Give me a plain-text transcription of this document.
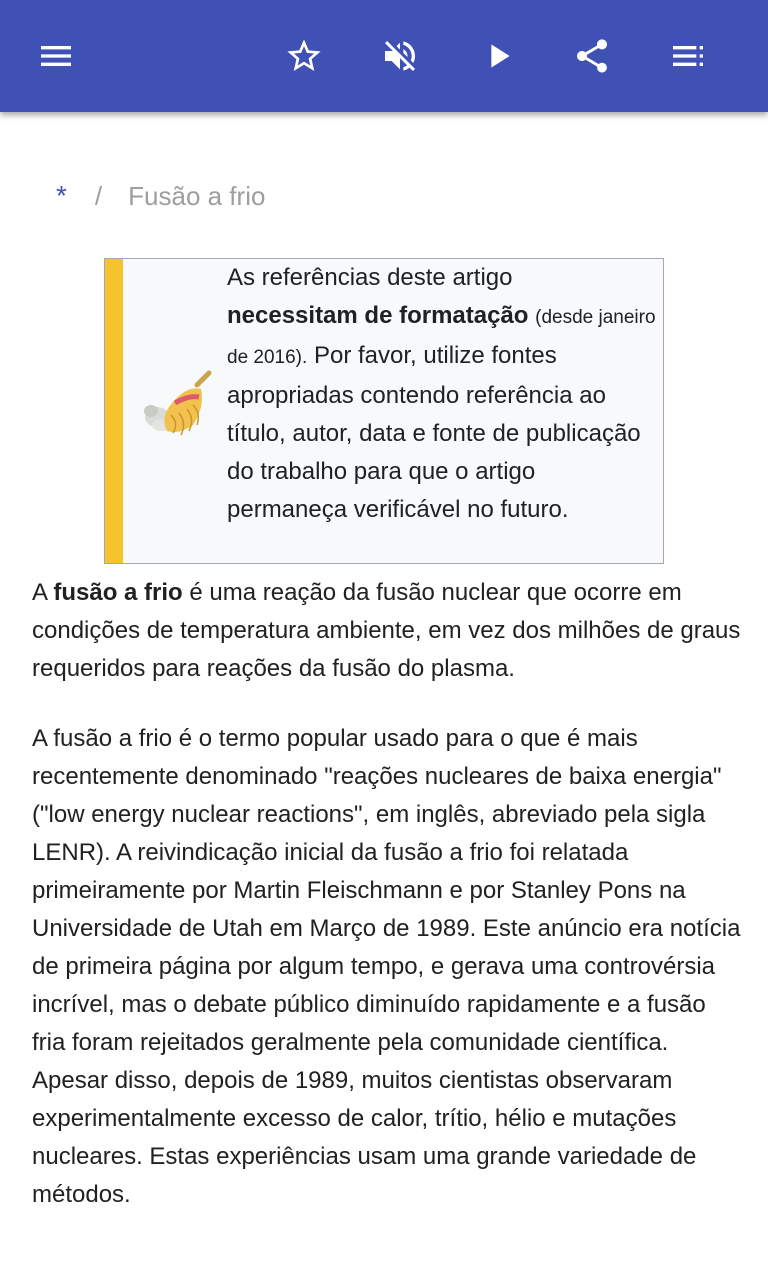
* / Fusão a frio
As referências deste artigo
necessitam de formatação (desde janeiro de 2016). Por favor, utilize fontes apropriadas contendo referência ao título, autor, data e fonte de publicação do trabalho para que o artigo permaneça verificável no futuro.

A fusão a frio é uma reação da fusão nuclear que ocorre em condições de temperatura ambiente, em vez dos milhões de graus requeridos para reações da fusão do plasma.

A fusão a frio é o termo popular usado para o que é mais recentemente denominado "reações nucleares de baixa energia" ("low energy nuclear reactions", em inglês, abreviado pela sigla LENR). A reivindicação inicial da fusão a frio foi relatada primeiramente por Martin Fleischmann e por Stanley Pons na Universidade de Utah em Março de 1989. Este anúncio era notícia de primeira página por algum tempo, e gerava uma controvérsia incrível, mas o debate público diminuído rapidamente e a fusão fria foram rejeitados geralmente pela comunidade científica. Apesar disso, depois de 1989, muitos cientistas observaram experimentalmente excesso de calor, trítio, hélio e mutações nucleares. Estas experiências usam uma grande variedade de métodos.
